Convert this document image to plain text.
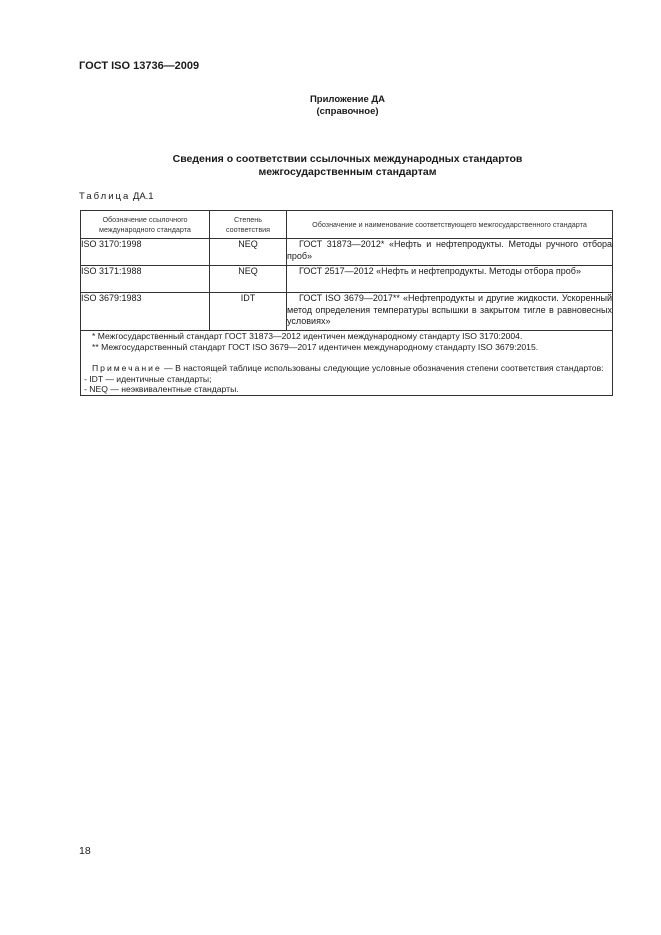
ГОСТ ISO 13736—2009
Приложение ДА
(справочное)
Сведения о соответствии ссылочных международных стандартов
межгосударственным стандартам
Таблица ДА.1
Обозначение ссылочного международного стандарта	Степень соответствия	Обозначение и наименование соответствующего межгосударственного стандарта
ISO 3170:1998	NEQ	ГОСТ 31873—2012* «Нефть и нефтепродукты. Методы ручного отбора проб»

ISO 3171:1988	NEQ	ГОСТ 2517—2012 «Нефть и нефтепродукты. Методы отбора проб»

ISO 3679:1983	IDT	ГОСТ ISO 3679—2017** «Нефтепродукты и другие жидкости. Ускоренный метод определения температуры вспышки в закрытом тигле в равновесных условиях»

* Межгосударственный стандарт ГОСТ 31873—2012 идентичен международному стандарту ISO 3170:2004.
** Межгосударственный стандарт ГОСТ ISO 3679—2017 идентичен международному стандарту ISO 3679:2015.
Примечание — В настоящей таблице использованы следующие условные обозначения степени соответствия стандартов:
- IDT — идентичные стандарты;
- NEQ — неэквивалентные стандарты.		
18
